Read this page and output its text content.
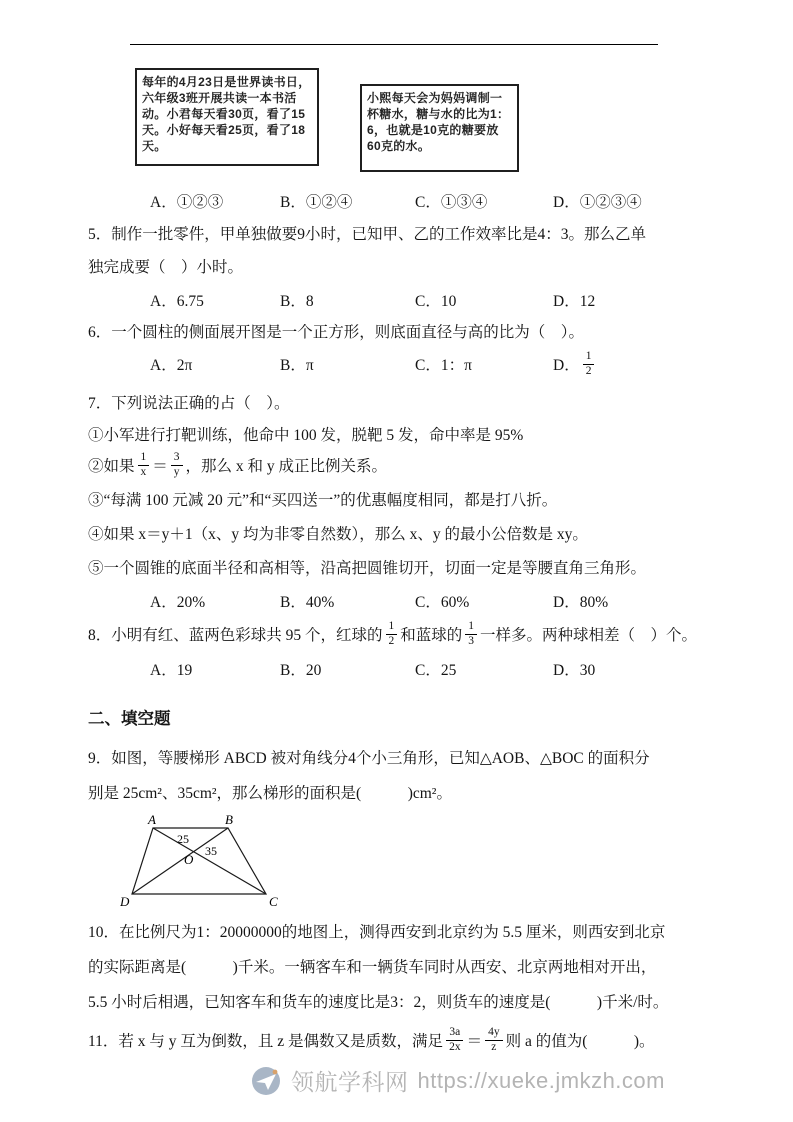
每年的4月23日是世界读书日，六年级3班开展共读一本书活动。小君每天看30页，看了15天。小好每天看25页，看了18天。
小熙每天会为妈妈调制一杯糖水，糖与水的比为1：6，也就是10克的糖要放60克的水。
A．①②③	B．①②④	C．①③④	D．①②③④
5．制作一批零件，甲单独做要9小时，已知甲、乙的工作效率比是4：3。那么乙单
独完成要（　）小时。
A．6.75	B．8	C．10	D．12
6．一个圆柱的侧面展开图是一个正方形，则底面直径与高的比为（　）。
A．2π	B．π	C．1：π	D． $\frac{1}{2}$
7．下列说法正确的占（　）。
①小军进行打靶训练，他命中 100 发，脱靶 5 发，命中率是 95%
②如果 $\frac{1}{x} = \frac{3}{y}$ ，那么 x 和 y 成正比例关系。
③“每满 100 元减 20 元”和“买四送一”的优惠幅度相同，都是打八折。
④如果 x＝y＋1（x、y 均为非零自然数），那么 x、y 的最小公倍数是 xy。
⑤一个圆锥的底面半径和高相等，沿高把圆锥切开，切面一定是等腰直角三角形。
A．20%	B．40%	C．60%	D．80%
8．小明有红、蓝两色彩球共 95 个，红球的 $\frac{1}{2}$ 和蓝球的 $\frac{1}{3}$ 一样多。两种球相差（　）个。
A．19	B．20	C．25	D．30
二、填空题
9．如图，等腰梯形 ABCD 被对角线分4个小三角形，已知△AOB、△BOC 的面积分
别是 25cm²、35cm²，那么梯形的面积是(　　　)cm²。
A	B
C
D
O
25
35
10．在比例尺为1：20000000的地图上，测得西安到北京约为 5.5 厘米，则西安到北京
的实际距离是(　　　)千米。一辆客车和一辆货车同时从西安、北京两地相对开出，
5.5 小时后相遇，已知客车和货车的速度比是3：2，则货车的速度是(　　　)千米/时。
11．若 x 与 y 互为倒数，且 z 是偶数又是质数，满足 $\frac{3a}{2x} = \frac{4y}{z}$ 则 a 的值为(　　　)。
领航学科网 https://xueke.jmkzh.com
